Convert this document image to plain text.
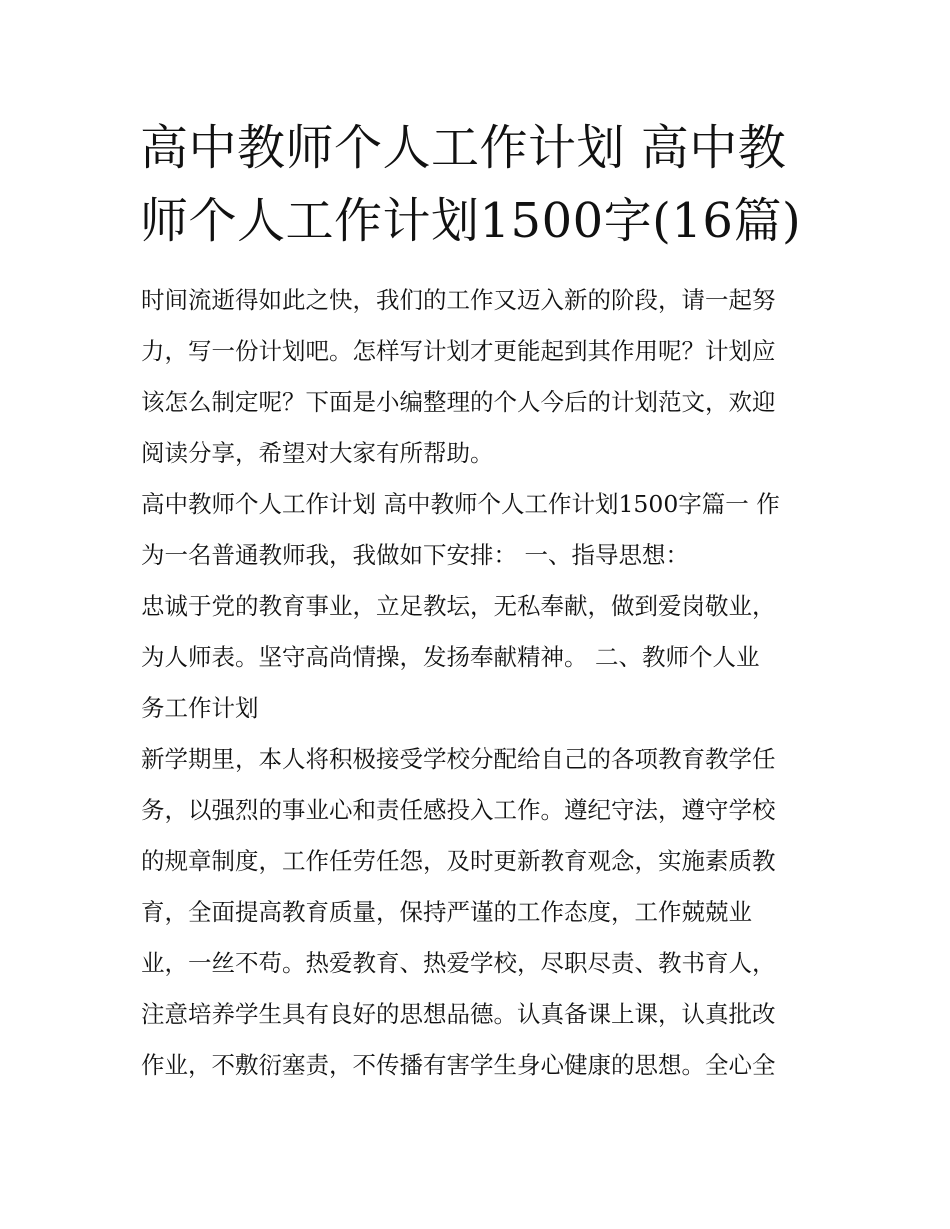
高中教师个人工作计划 高中教
师个人工作计划1500字(16篇)
时间流逝得如此之快，我们的工作又迈入新的阶段，请一起努
力，写一份计划吧。怎样写计划才更能起到其作用呢？计划应
该怎么制定呢？下面是小编整理的个人今后的计划范文，欢迎
阅读分享，希望对大家有所帮助。
高中教师个人工作计划 高中教师个人工作计划1500字篇一 作
为一名普通教师我，我做如下安排： 一、指导思想：
忠诚于党的教育事业，立足教坛，无私奉献，做到爱岗敬业，
为人师表。坚守高尚情操，发扬奉献精神。 二、教师个人业
务工作计划
新学期里，本人将积极接受学校分配给自己的各项教育教学任
务，以强烈的事业心和责任感投入工作。遵纪守法，遵守学校
的规章制度，工作任劳任怨，及时更新教育观念，实施素质教
育，全面提高教育质量，保持严谨的工作态度，工作兢兢业
业，一丝不苟。热爱教育、热爱学校，尽职尽责、教书育人，
注意培养学生具有良好的思想品德。认真备课上课，认真批改
作业，不敷衍塞责，不传播有害学生身心健康的思想。全心全
